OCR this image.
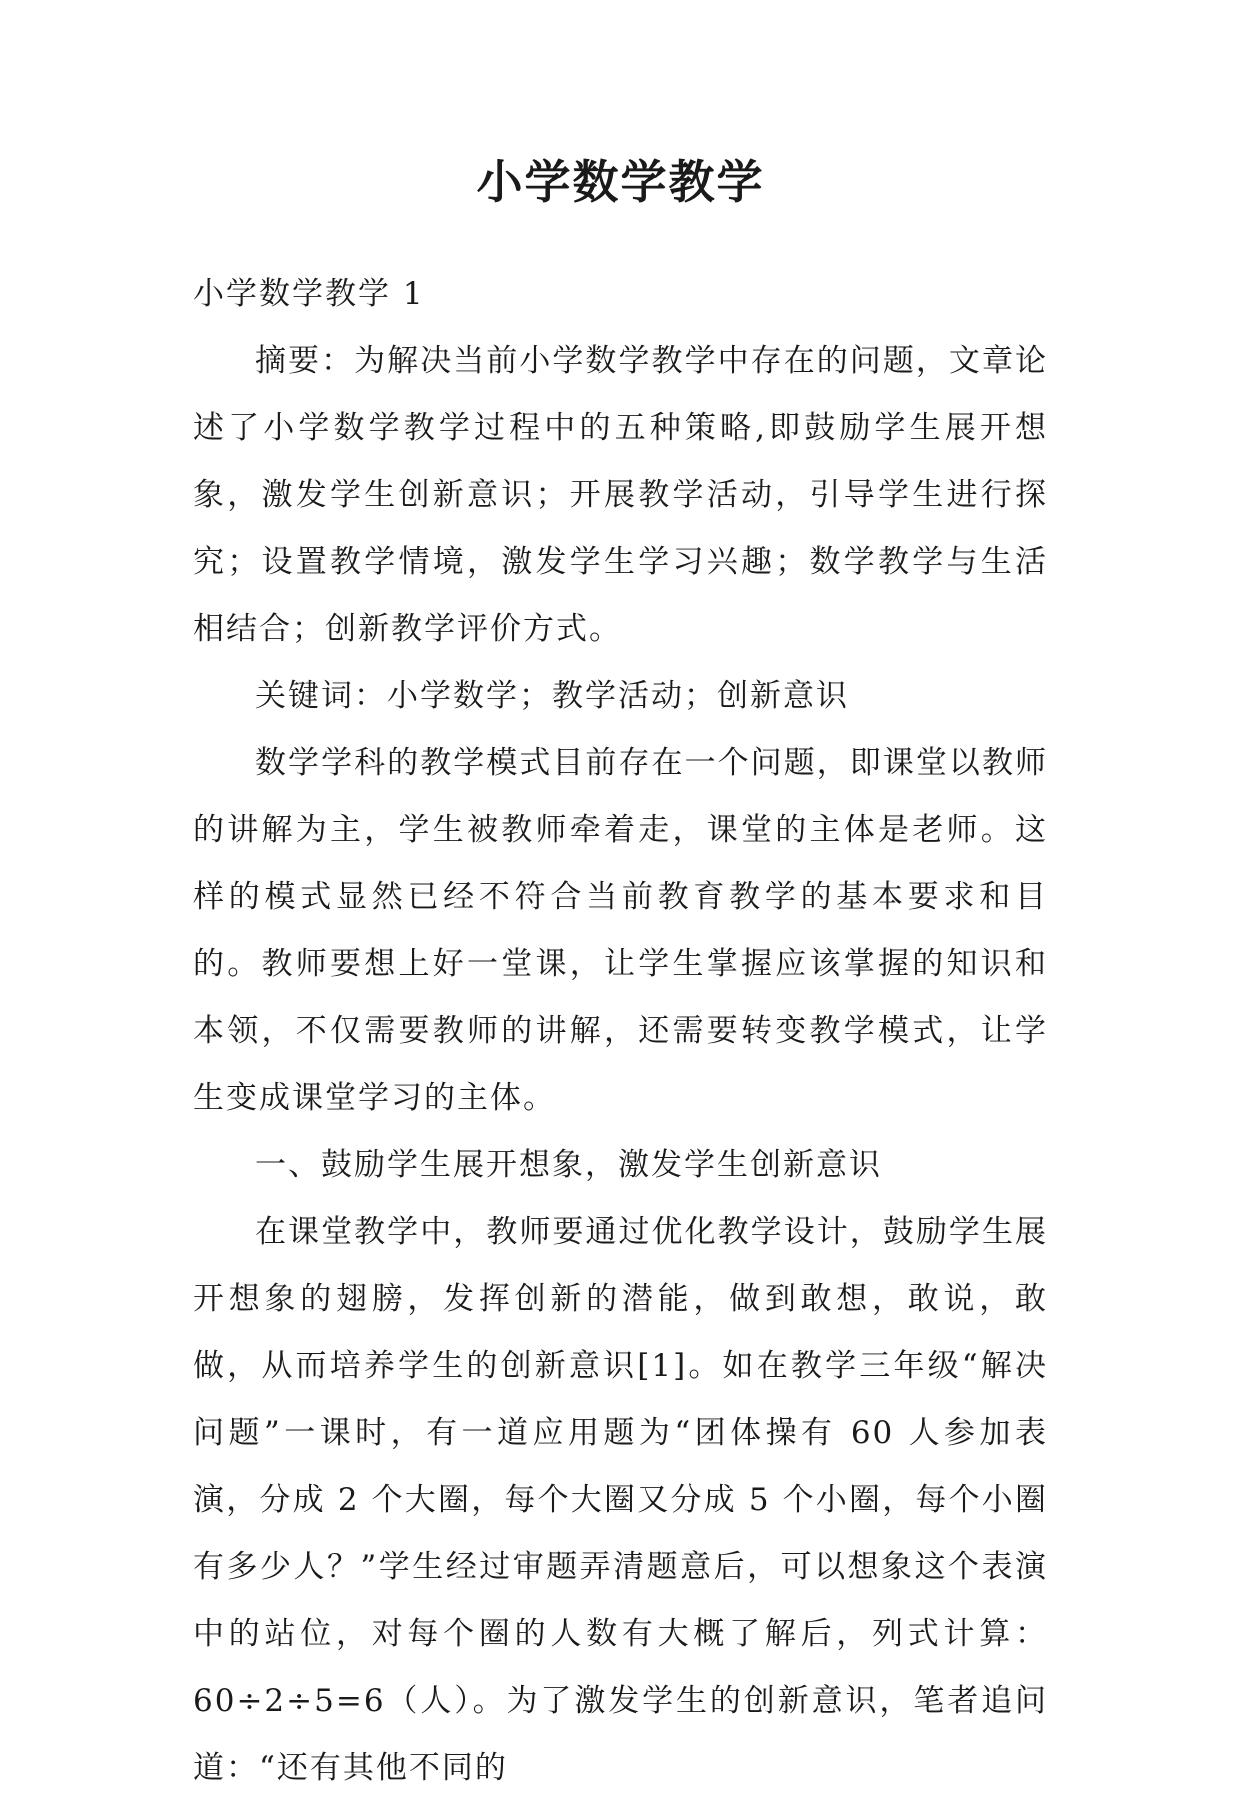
小学数学教学

小学数学教学 1

摘要：为解决当前小学数学教学中存在的问题，文章论述了小学数学教学过程中的五种策略,即鼓励学生展开想象，激发学生创新意识；开展教学活动，引导学生进行探究；设置教学情境，激发学生学习兴趣；数学教学与生活相结合；创新教学评价方式。

关键词：小学数学；教学活动；创新意识

数学学科的教学模式目前存在一个问题，即课堂以教师的讲解为主，学生被教师牵着走，课堂的主体是老师。这样的模式显然已经不符合当前教育教学的基本要求和目的。教师要想上好一堂课，让学生掌握应该掌握的知识和本领，不仅需要教师的讲解，还需要转变教学模式，让学生变成课堂学习的主体。

一、鼓励学生展开想象，激发学生创新意识

在课堂教学中，教师要通过优化教学设计，鼓励学生展开想象的翅膀，发挥创新的潜能，做到敢想，敢说，敢做，从而培养学生的创新意识[1]。如在教学三年级“解决问题”一课时，有一道应用题为“团体操有 60 人参加表演，分成 2 个大圈，每个大圈又分成 5 个小圈，每个小圈有多少人？”学生经过审题弄清题意后，可以想象这个表演中的站位，对每个圈的人数有大概了解后，列式计算：60÷2÷5=6（人）。为了激发学生的创新意识，笔者追问道：“还有其他不同的
